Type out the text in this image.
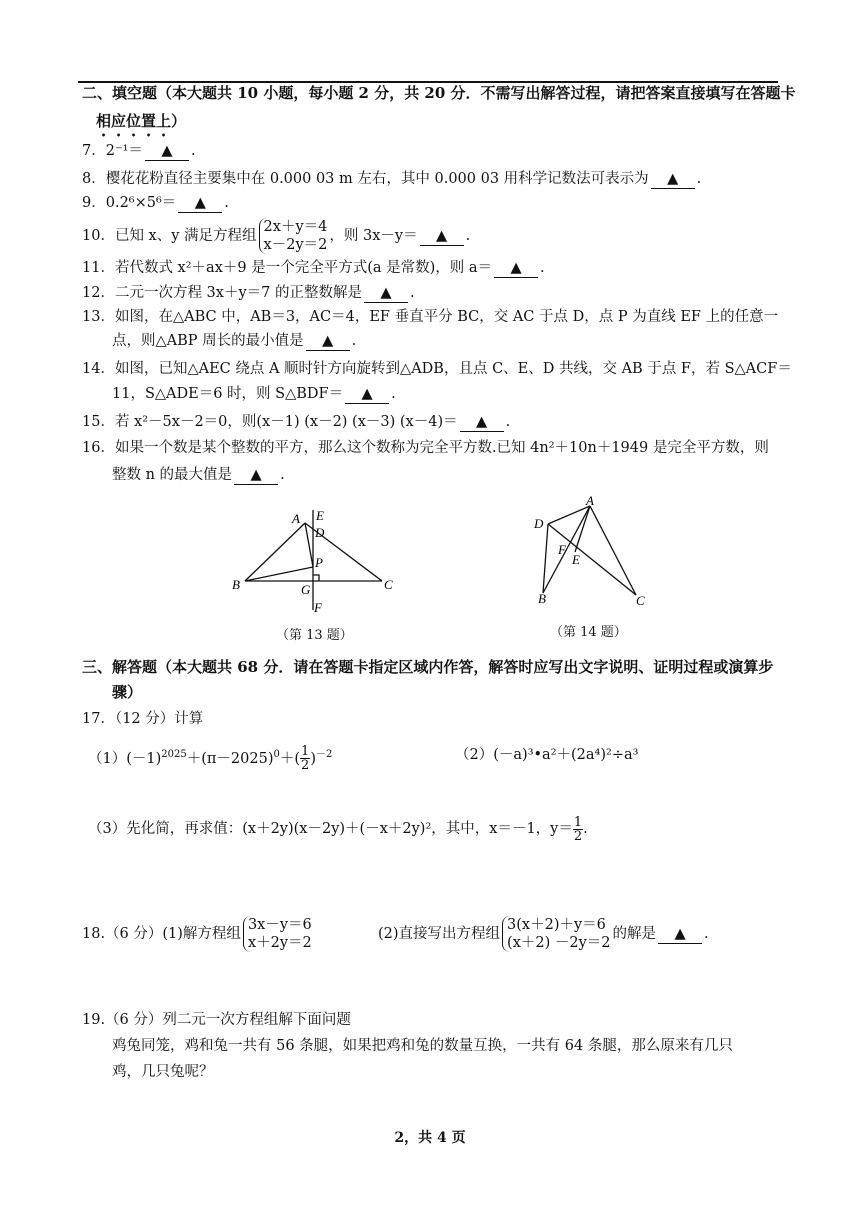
二、填空题（本大题共 10 小题，每小题 2 分，共 20 分．不需写出解答过程，请把答案直接填写在答题卡
相应位置上）
7．2⁻¹＝ ▲ .
8．樱花花粉直径主要集中在 0.000 03 m 左右，其中 0.000 03 用科学记数法可表示为 ▲ .
9．0.2⁶×5⁶＝ ▲ .
10．已知 x、y 满足方程组
2x＋y＝4
x－2y＝2
，则 3x－y＝ ▲ .
11．若代数式 x²＋ax＋9 是一个完全平方式(a 是常数)，则 a＝ ▲ .
12．二元一次方程 3x＋y＝7 的正整数解是 ▲ .
13．如图，在△ABC 中，AB＝3，AC＝4，EF 垂直平分 BC，交 AC 于点 D，点 P 为直线 EF 上的任意一
点，则△ABP 周长的最小值是 ▲ .
14．如图，已知△AEC 绕点 A 顺时针方向旋转到△ADB，且点 C、E、D 共线，交 AB 于点 F，若 S△ACF＝
11，S△ADE＝6 时，则 S△BDF＝ ▲ .
15．若 x²－5x－2＝0，则(x－1) (x－2) (x－3) (x－4)＝ ▲ .
16．如果一个数是某个整数的平方，那么这个数称为完全平方数.已知 4n²＋10n＋1949 是完全平方数，则
整数 n 的最大值是 ▲ .
A
B	C
D
E
F
G
P
（第 13 题）
A
B	C
D
E
F
（第 14 题）
三、解答题（本大题共 68 分．请在答题卡指定区域内作答，解答时应写出文字说明、证明过程或演算步
骤）
17．（12 分）计算
$(1)(-1)^{2025}+(\pi-2025)^0+( \frac{1}{2} )^{-2}$	（2）(－a)³•a²＋(2a⁴)²÷a³
（3）先化简，再求值：(x＋2y)(x－2y)＋(－x＋2y)²，其中，x＝－1，$y= \frac{1}{2}$ .
18.（6 分）(1)解方程组
3x－y＝6
x＋2y＝2
(2)直接写出方程组
3(x＋2)＋y＝6
(x＋2) －2y＝2
的解是 ▲ .
19.（6 分）列二元一次方程组解下面问题
鸡兔同笼，鸡和兔一共有 56 条腿，如果把鸡和兔的数量互换，一共有 64 条腿，那么原来有几只
鸡，几只兔呢？
2，共 4 页
